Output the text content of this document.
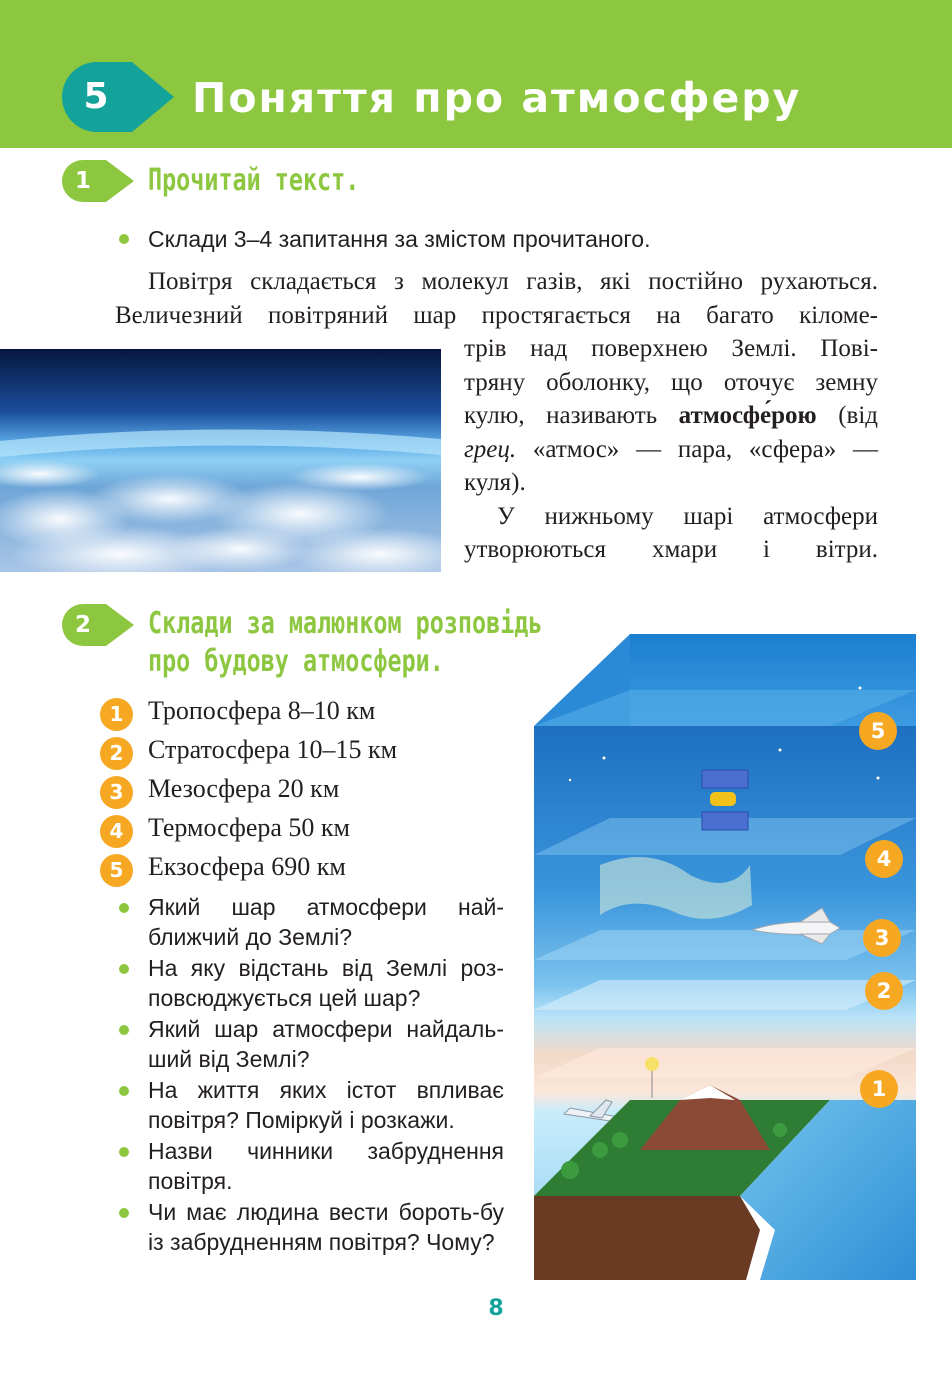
5 Поняття про атмосферу
1 Прочитай текст.
Склади 3–4 запитання за змістом прочитаного.
Повітря складається з молекул газів, які постійно рухаються.
Величезний повітряний шар простягається на багато кіломе-
трів над поверхнею Землі. Пові-
тряну оболонку, що оточує земну
кулю, називають атмосфе́рою (від
грец. «атмос» — пара, «сфера» —
куля).
У нижньому шарі атмосфери
утворюються хмари і вітри.
2 Склади за малюнком розповідь
про будову атмосфери.
1 Тропосфера 8–10 км
2 Стратосфера 10–15 км
3 Мезосфера 20 км
4 Термосфера 50 км
5 Екзосфера 690 км
Який шар атмосфери най-ближчий до Землі?
На яку відстань від Землі роз-повсюджується цей шар?
Який шар атмосфери найдаль-ший від Землі?
На життя яких істот впливає повітря? Поміркуй і розкажи.
Назви чинники забруднення повітря.
Чи має людина вести бороть-бу із забрудненням повітря? Чому?
5
4
3
2
1
8
